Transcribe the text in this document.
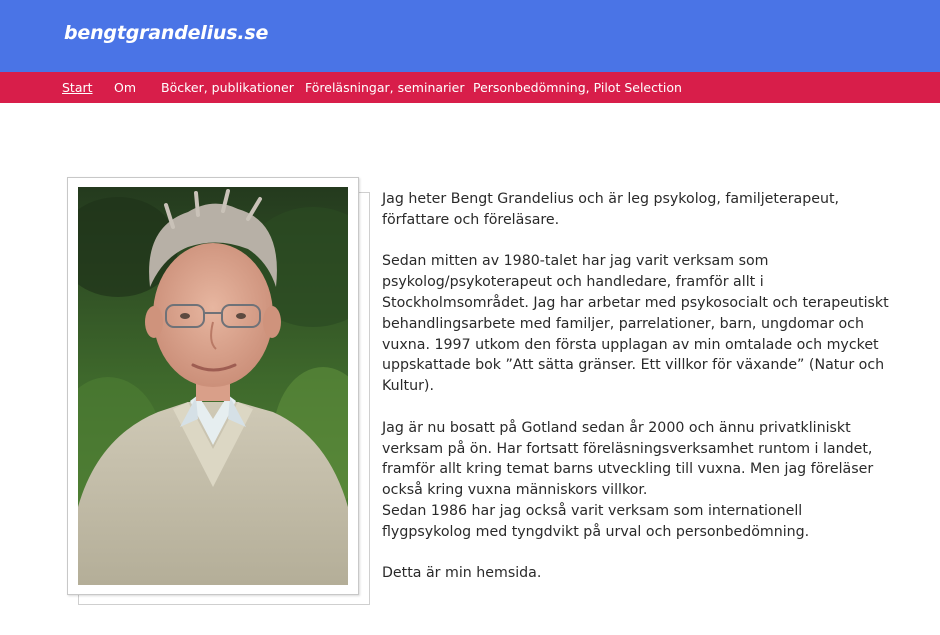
bengtgrandelius.se
Start Om Böcker, publikationer Föreläsningar, seminarier Personbedömning, Pilot Selection

Jag heter Bengt Grandelius och är leg psykolog, familjeterapeut, författare och föreläsare.

Sedan mitten av 1980-talet har jag varit verksam som psykolog/psykoterapeut och handledare, framför allt i Stockholmsområdet. Jag har arbetar med psykosocialt och terapeutiskt behandlingsarbete med familjer, parrelationer, barn, ungdomar och vuxna. 1997 utkom den första upplagan av min omtalade och mycket uppskattade bok ”Att sätta gränser. Ett villkor för växande” (Natur och Kultur).

Jag är nu bosatt på Gotland sedan år 2000 och ännu privatkliniskt verksam på ön. Har fortsatt föreläsningsverksamhet runtom i landet, framför allt kring temat barns utveckling till vuxna. Men jag föreläser också kring vuxna människors villkor.

Sedan 1986 har jag också varit verksam som internationell flygpsykolog med tyngdvikt på urval och personbedömning.

Detta är min hemsida.
